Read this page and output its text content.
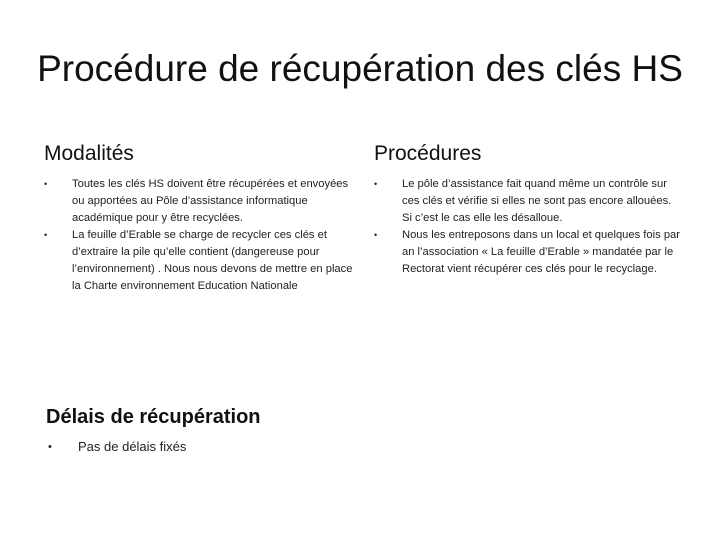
Procédure de récupération des clés HS
Modalités
• Toutes les clés HS doivent être récupérées et envoyées ou apportées au Pôle d’assistance informatique académique pour y être recyclées.
• La feuille d’Erable se charge de recycler ces clés et d’extraire la pile qu’elle contient (dangereuse pour l’environnement) . Nous nous devons de mettre en place la Charte environnement Education Nationale
Procédures
• Le pôle d’assistance fait quand même un contrôle sur ces clés et vérifie si elles ne sont pas encore allouées. Si c’est le cas elle les désalloue.
• Nous les entreposons dans un local et quelques fois par an l’association « La feuille d’Erable » mandatée par le Rectorat vient récupérer ces clés pour le recyclage.
Délais de récupération
• Pas de délais fixés
